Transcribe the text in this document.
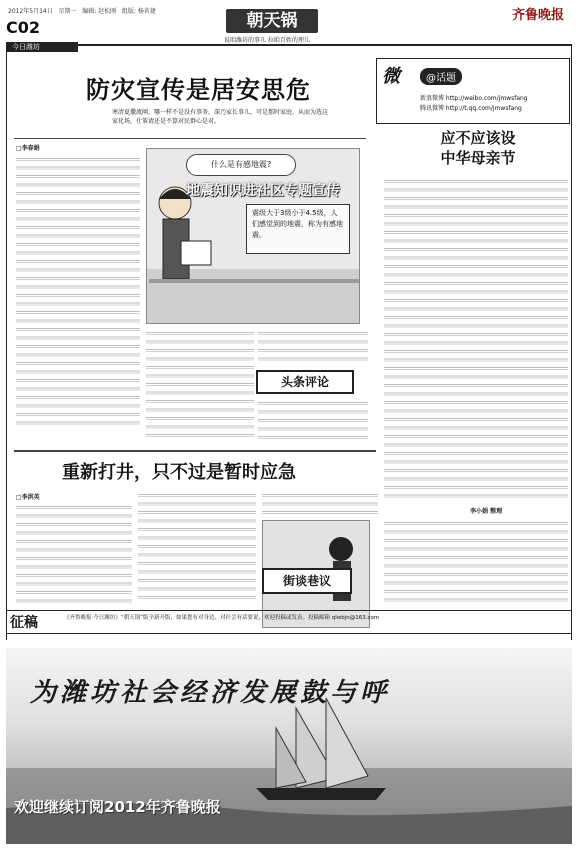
2012年5月14日 星期一 编辑: 赵松刚 组版: 杨茗捷	齐鲁晚报
C02	朝天锅
说咱潍坊的事儿 拉咱百姓的理儿
今日潍坊
防灾宣传是居安思危
寒清夏撒流阐，哪一样不是没有事务，深乃家长事儿，可是那时家庭，从而为选这家化场，仕策请还是不算对民群心是对。
□李春娟
什么是有感地震?
地震知识进社区专题宣传
震级大于3级小于4.5级，人们感觉到的地震，称为有感地震。
头条评论
微	@话题
新浪微博 http://weibo.com/jmwsfang
腾讯微博 http://t.qq.com/jmwsfang
应不应该设
中华母亲节
李小娟 整理
重新打井，只不过是暂时应急
□李洪英
街谈巷议
征稿	《齐鲁晚报·今日潍坊》“朝天锅”版全新开版，如果您有对身边、对社会有话要说，欢迎投稿或发表。投稿邮箱 qlwbjn@163.com
为潍坊社会经济发展鼓与呼
欢迎继续订阅2012年齐鲁晚报
